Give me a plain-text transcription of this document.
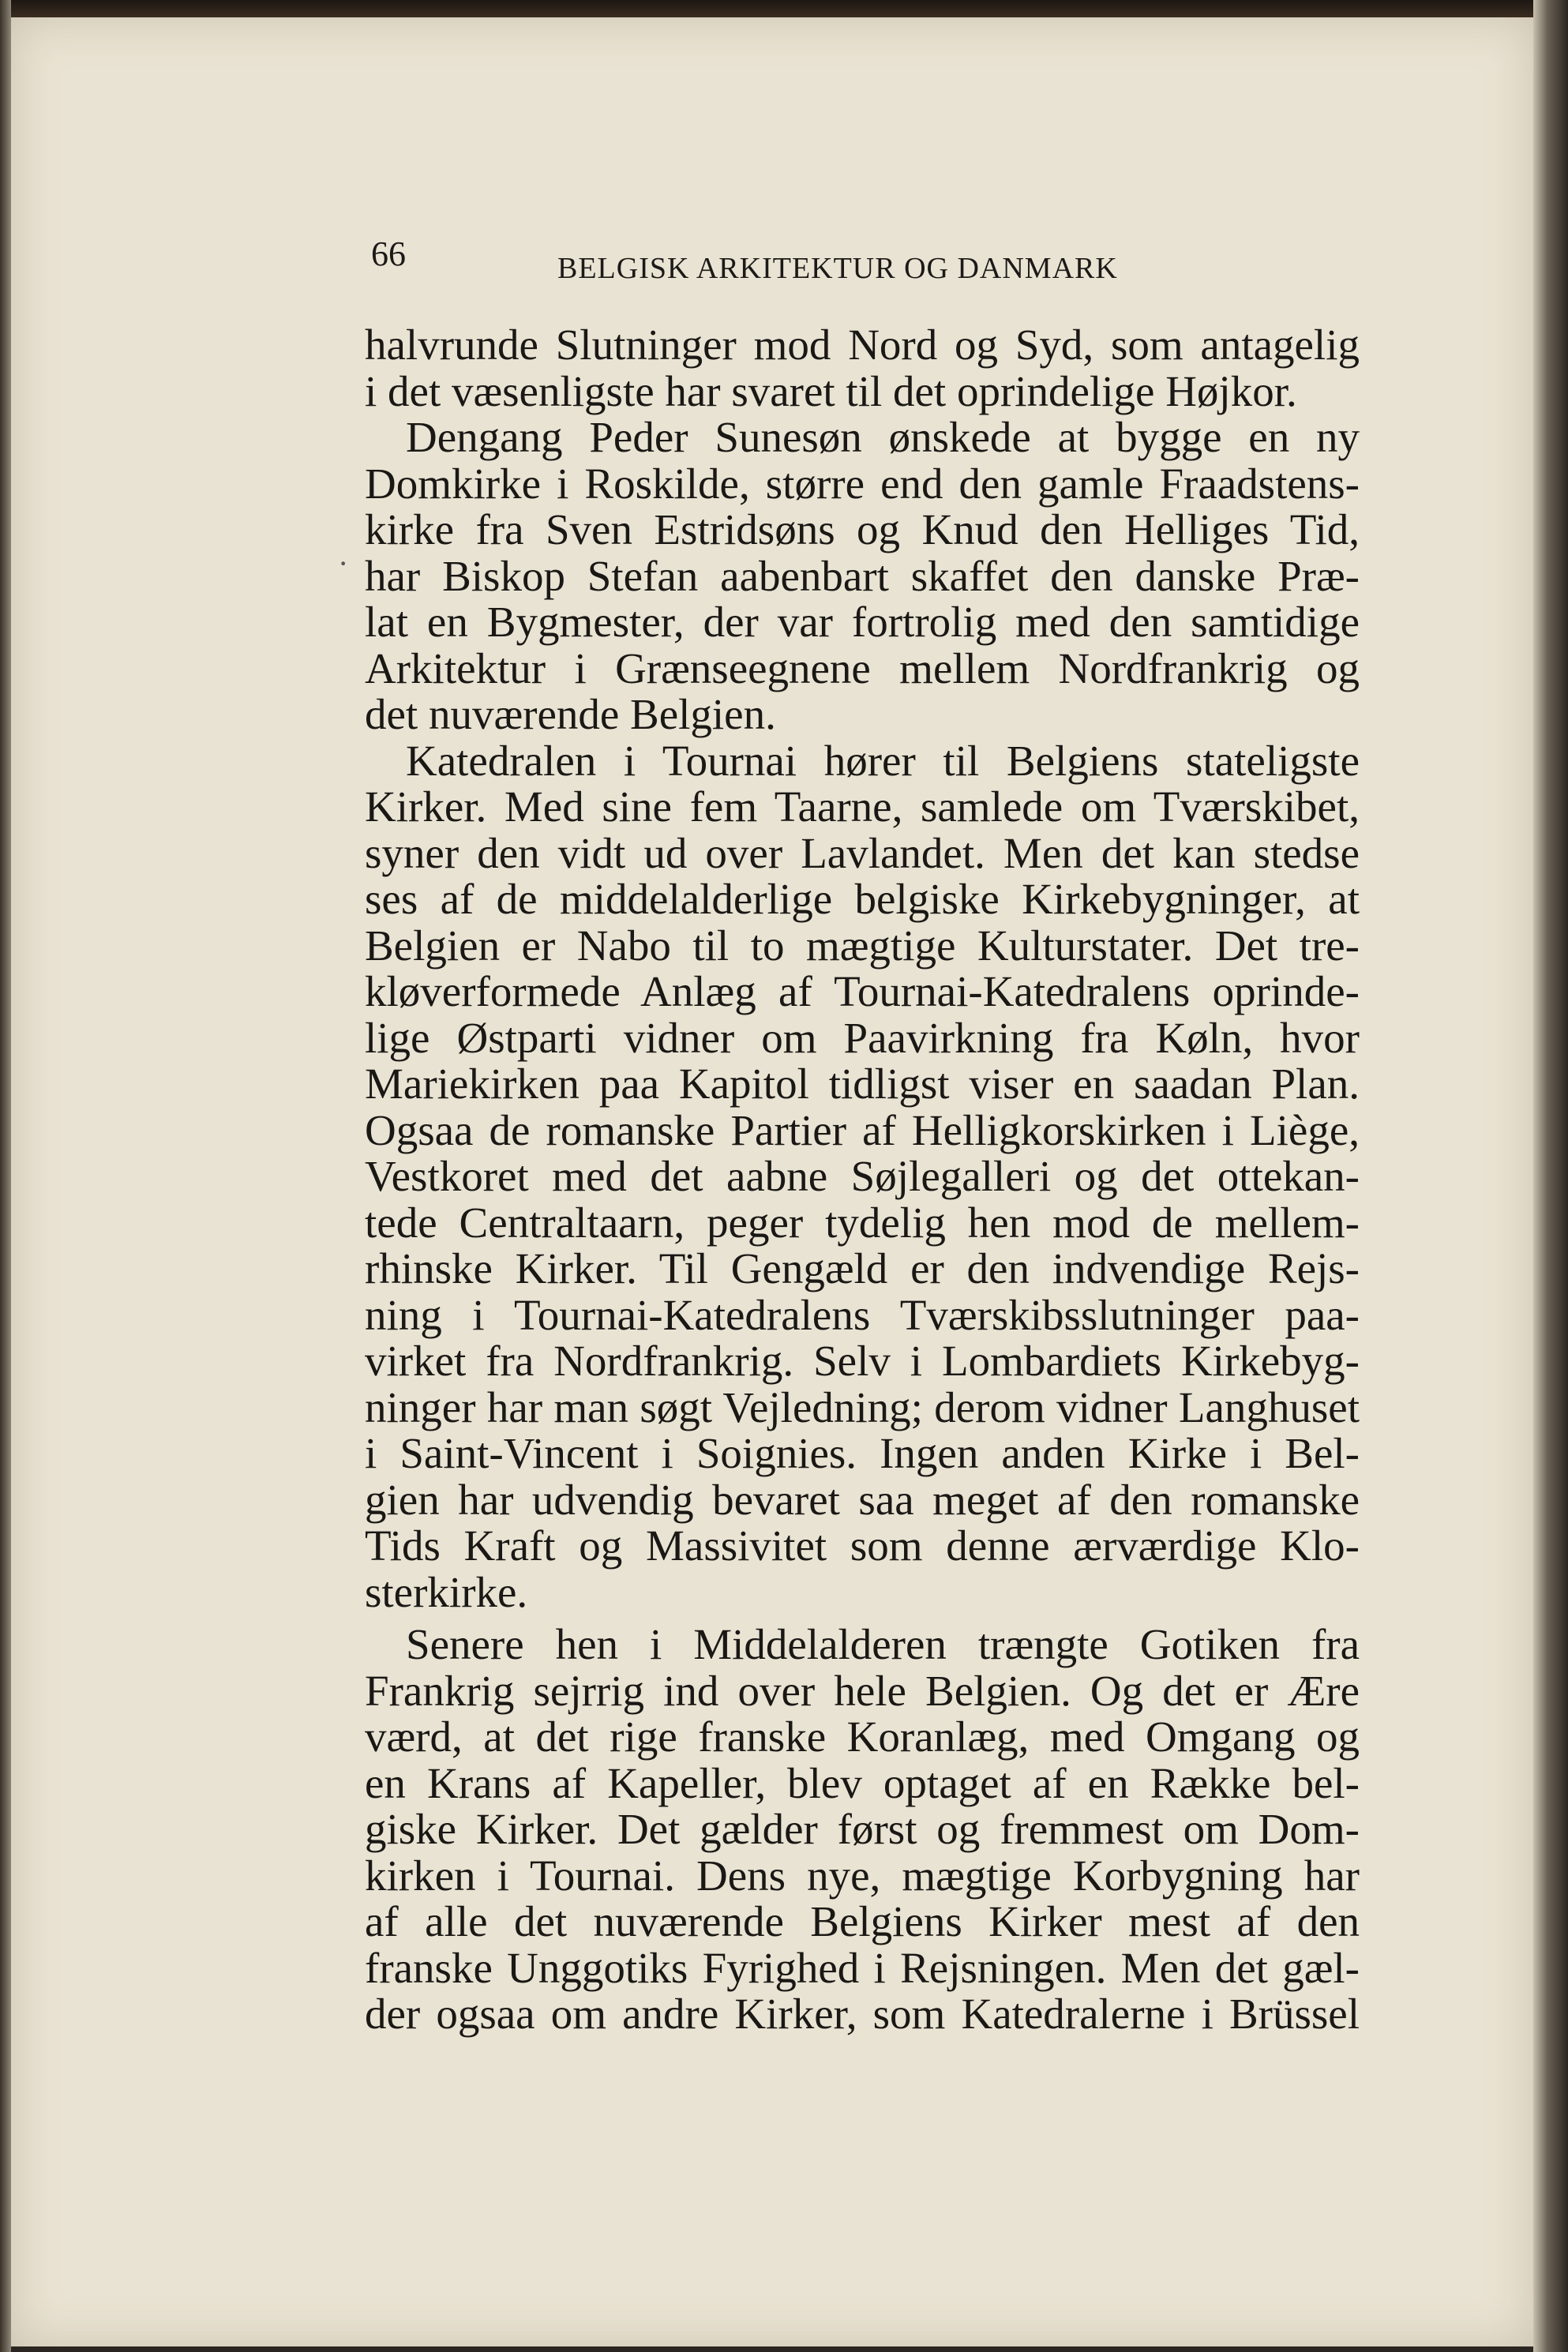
66	BELGISK ARKITEKTUR OG DANMARK
·
halvrunde Slutninger mod Nord og Syd, som antagelig
i det væsenligste har svaret til det oprindelige Højkor.
Dengang Peder Sunesøn ønskede at bygge en ny
Domkirke i Roskilde, større end den gamle Fraadstens-
kirke fra Sven Estridsøns og Knud den Helliges Tid,
har Biskop Stefan aabenbart skaffet den danske Præ-
lat en Bygmester, der var fortrolig med den samtidige
Arkitektur i Grænseegnene mellem Nordfrankrig og
det nuværende Belgien.
Katedralen i Tournai hører til Belgiens stateligste
Kirker. Med sine fem Taarne, samlede om Tværskibet,
syner den vidt ud over Lavlandet. Men det kan stedse
ses af de middelalderlige belgiske Kirkebygninger, at
Belgien er Nabo til to mægtige Kulturstater. Det tre-
kløverformede Anlæg af Tournai-Katedralens oprinde-
lige Østparti vidner om Paavirkning fra Køln, hvor
Mariekirken paa Kapitol tidligst viser en saadan Plan.
Ogsaa de romanske Partier af Helligkorskirken i Liège,
Vestkoret med det aabne Søjlegalleri og det ottekan-
tede Centraltaarn, peger tydelig hen mod de mellem-
rhinske Kirker. Til Gengæld er den indvendige Rejs-
ning i Tournai-Katedralens Tværskibsslutninger paa-
virket fra Nordfrankrig. Selv i Lombardiets Kirkebyg-
ninger har man søgt Vejledning; derom vidner Langhuset
i Saint-Vincent i Soignies. Ingen anden Kirke i Bel-
gien har udvendig bevaret saa meget af den romanske
Tids Kraft og Massivitet som denne ærværdige Klo-
sterkirke.
Senere hen i Middelalderen trængte Gotiken fra
Frankrig sejrrig ind over hele Belgien. Og det er Ære
værd, at det rige franske Koranlæg, med Omgang og
en Krans af Kapeller, blev optaget af en Række bel-
giske Kirker. Det gælder først og fremmest om Dom-
kirken i Tournai. Dens nye, mægtige Korbygning har
af alle det nuværende Belgiens Kirker mest af den
franske Unggotiks Fyrighed i Rejsningen. Men det gæl-
der ogsaa om andre Kirker, som Katedralerne i Brüssel
